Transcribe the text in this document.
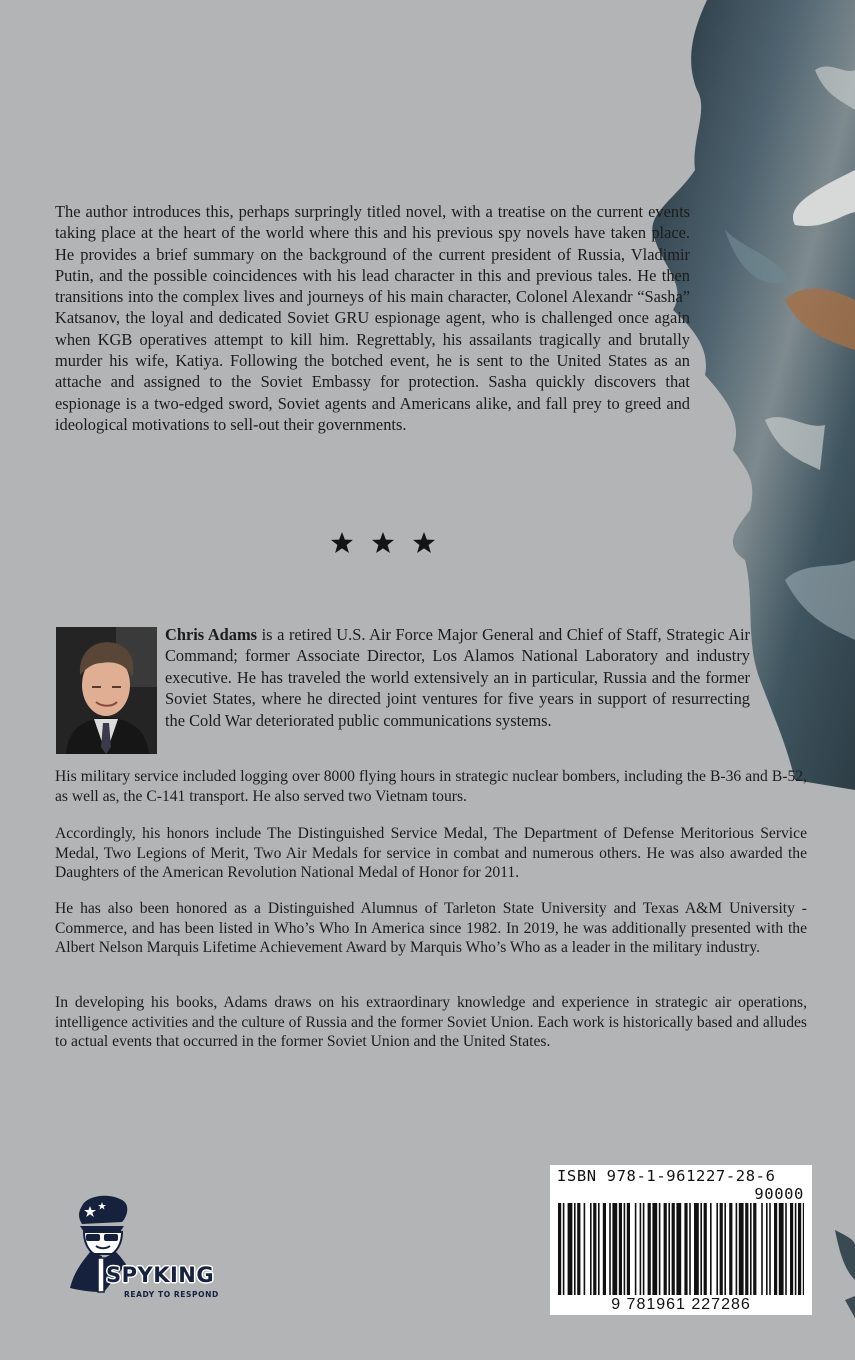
The author introduces this, perhaps surpringly titled novel, with a treatise on the current events taking place at the heart of the world where this and his previous spy novels have taken place. He provides a brief summary on the background of the current president of Russia, Vladimir Putin, and the possible coincidences with his lead character in this and previous tales. He then transitions into the complex lives and journeys of his main character, Colonel Alexandr “Sasha” Katsanov, the loyal and dedicated Soviet GRU espionage agent, who is challenged once again when KGB operatives attempt to kill him. Regrettably, his assailants tragically and brutally murder his wife, Katiya. Following the botched event, he is sent to the United States as an attache and assigned to the Soviet Embassy for protection. Sasha quickly discovers that espionage is a two-edged sword, Soviet agents and Americans alike, and fall prey to greed and ideological motivations to sell-out their governments.

Chris Adams is a retired U.S. Air Force Major General and Chief of Staff, Strategic Air Command; former Associate Director, Los Alamos National Laboratory and industry executive. He has traveled the world extensively an in particular, Russia and the former Soviet States, where he directed joint ventures for five years in support of resurrecting the Cold War deteriorated public communications systems.

His military service included logging over 8000 flying hours in strategic nuclear bombers, including the B-36 and B-52, as well as, the C-141 transport. He also served two Vietnam tours.

Accordingly, his honors include The Distinguished Service Medal, The Department of Defense Meritorious Service Medal, Two Legions of Merit, Two Air Medals for service in combat and numerous others. He was also awarded the Daughters of the American Revolution National Medal of Honor for 2011.

He has also been honored as a Distinguished Alumnus of Tarleton State University and Texas A&M University - Commerce, and has been listed in Who’s Who In America since 1982. In 2019, he was additionally presented with the Albert Nelson Marquis Lifetime Achievement Award by Marquis Who’s Who as a leader in the military industry.

In developing his books, Adams draws on his extraordinary knowledge and experience in strategic air operations, intelligence activities and the culture of Russia and the former Soviet Union. Each work is historically based and alludes to actual events that occurred in the former Soviet Union and the United States.

SPYKING
READY TO RESPOND
ISBN 978-1-961227-28-6
90000
9 781961 227286
